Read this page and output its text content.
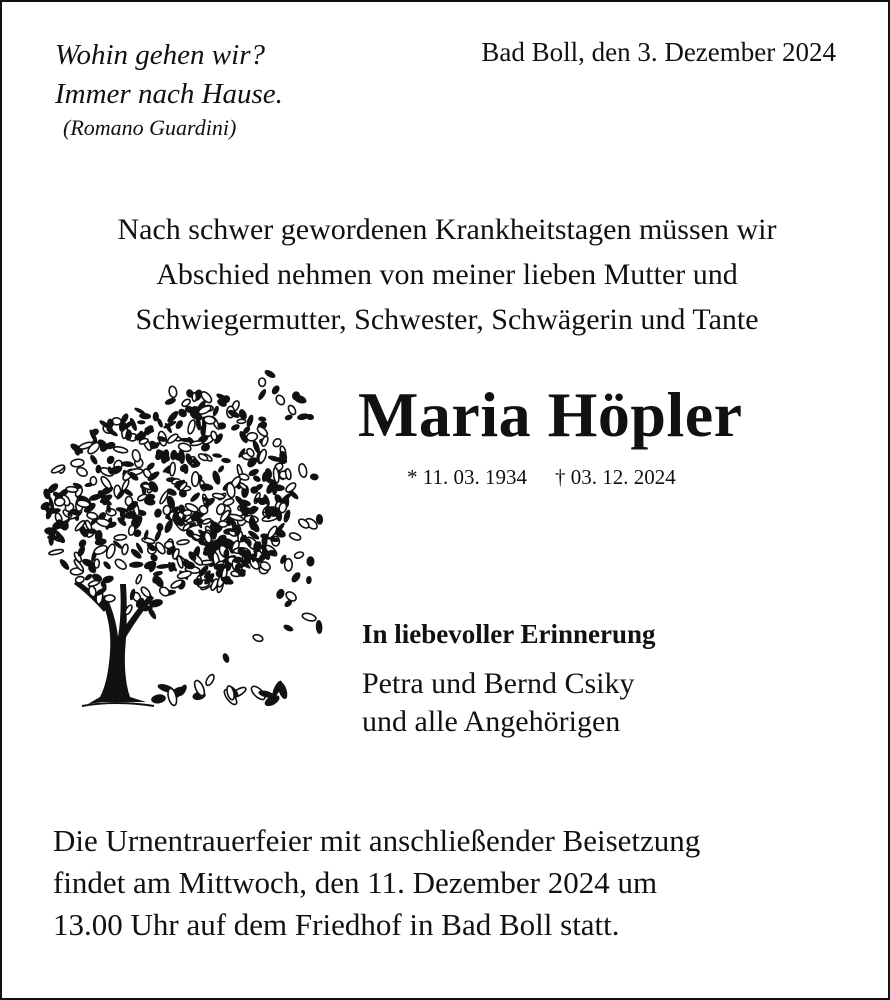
Wohin gehen wir?
Immer nach Hause.
(Romano Guardini)
Bad Boll, den 3. Dezember 2024
Nach schwer gewordenen Krankheitstagen müssen wir
Abschied nehmen von meiner lieben Mutter und
Schwiegermutter, Schwester, Schwägerin und Tante
Maria Höpler
* 11. 03. 1934 † 03. 12. 2024
In liebevoller Erinnerung
Petra und Bernd Csiky
und alle Angehörigen
Die Urnentrauerfeier mit anschließender Beisetzung
findet am Mittwoch, den 11. Dezember 2024 um
13.00 Uhr auf dem Friedhof in Bad Boll statt.
